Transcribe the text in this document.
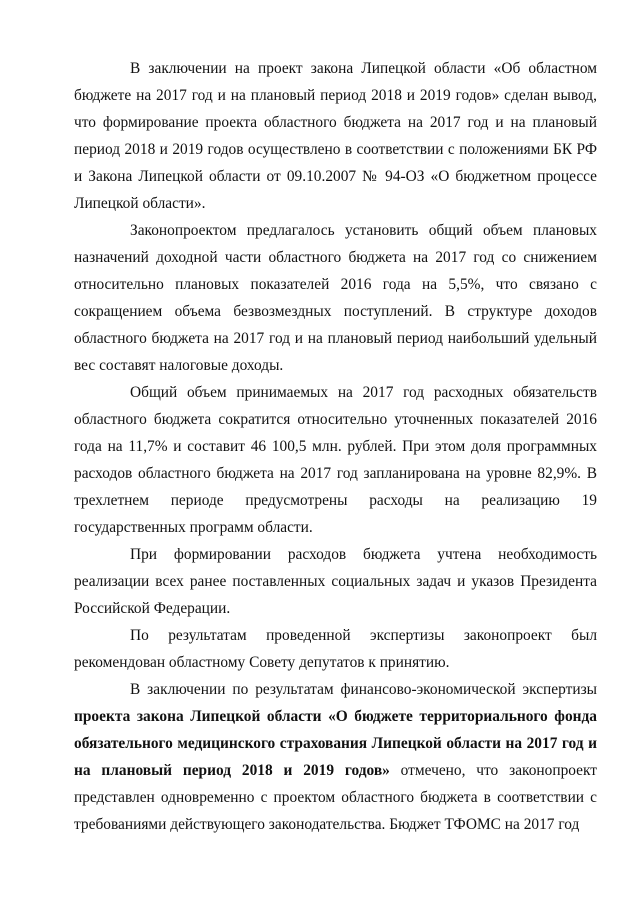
В заключении на проект закона Липецкой области «Об областном бюджете на 2017 год и на плановый период 2018 и 2019 годов» сделан вывод, что формирование проекта областного бюджета на 2017 год и на плановый период 2018 и 2019 годов осуществлено в соответствии с положениями БК РФ и Закона Липецкой области от 09.10.2007 № 94-ОЗ «О бюджетном процессе Липецкой области».

Законопроектом предлагалось установить общий объем плановых назначений доходной части областного бюджета на 2017 год со снижением относительно плановых показателей 2016 года на 5,5%, что связано с сокращением объема безвозмездных поступлений. В структуре доходов областного бюджета на 2017 год и на плановый период наибольший удельный вес составят налоговые доходы.

Общий объем принимаемых на 2017 год расходных обязательств областного бюджета сократится относительно уточненных показателей 2016 года на 11,7% и составит 46 100,5 млн. рублей. При этом доля программных расходов областного бюджета на 2017 год запланирована на уровне 82,9%. В трехлетнем периоде предусмотрены расходы на реализацию 19 государственных программ области.

При формировании расходов бюджета учтена необходимость реализации всех ранее поставленных социальных задач и указов Президента Российской Федерации.

По результатам проведенной экспертизы законопроект был рекомендован областному Совету депутатов к принятию.

В заключении по результатам финансово-экономической экспертизы проекта закона Липецкой области «О бюджете территориального фонда обязательного медицинского страхования Липецкой области на 2017 год и на плановый период 2018 и 2019 годов» отмечено, что законопроект представлен одновременно с проектом областного бюджета в соответствии с требованиями действующего законодательства. Бюджет ТФОМС на 2017 год
